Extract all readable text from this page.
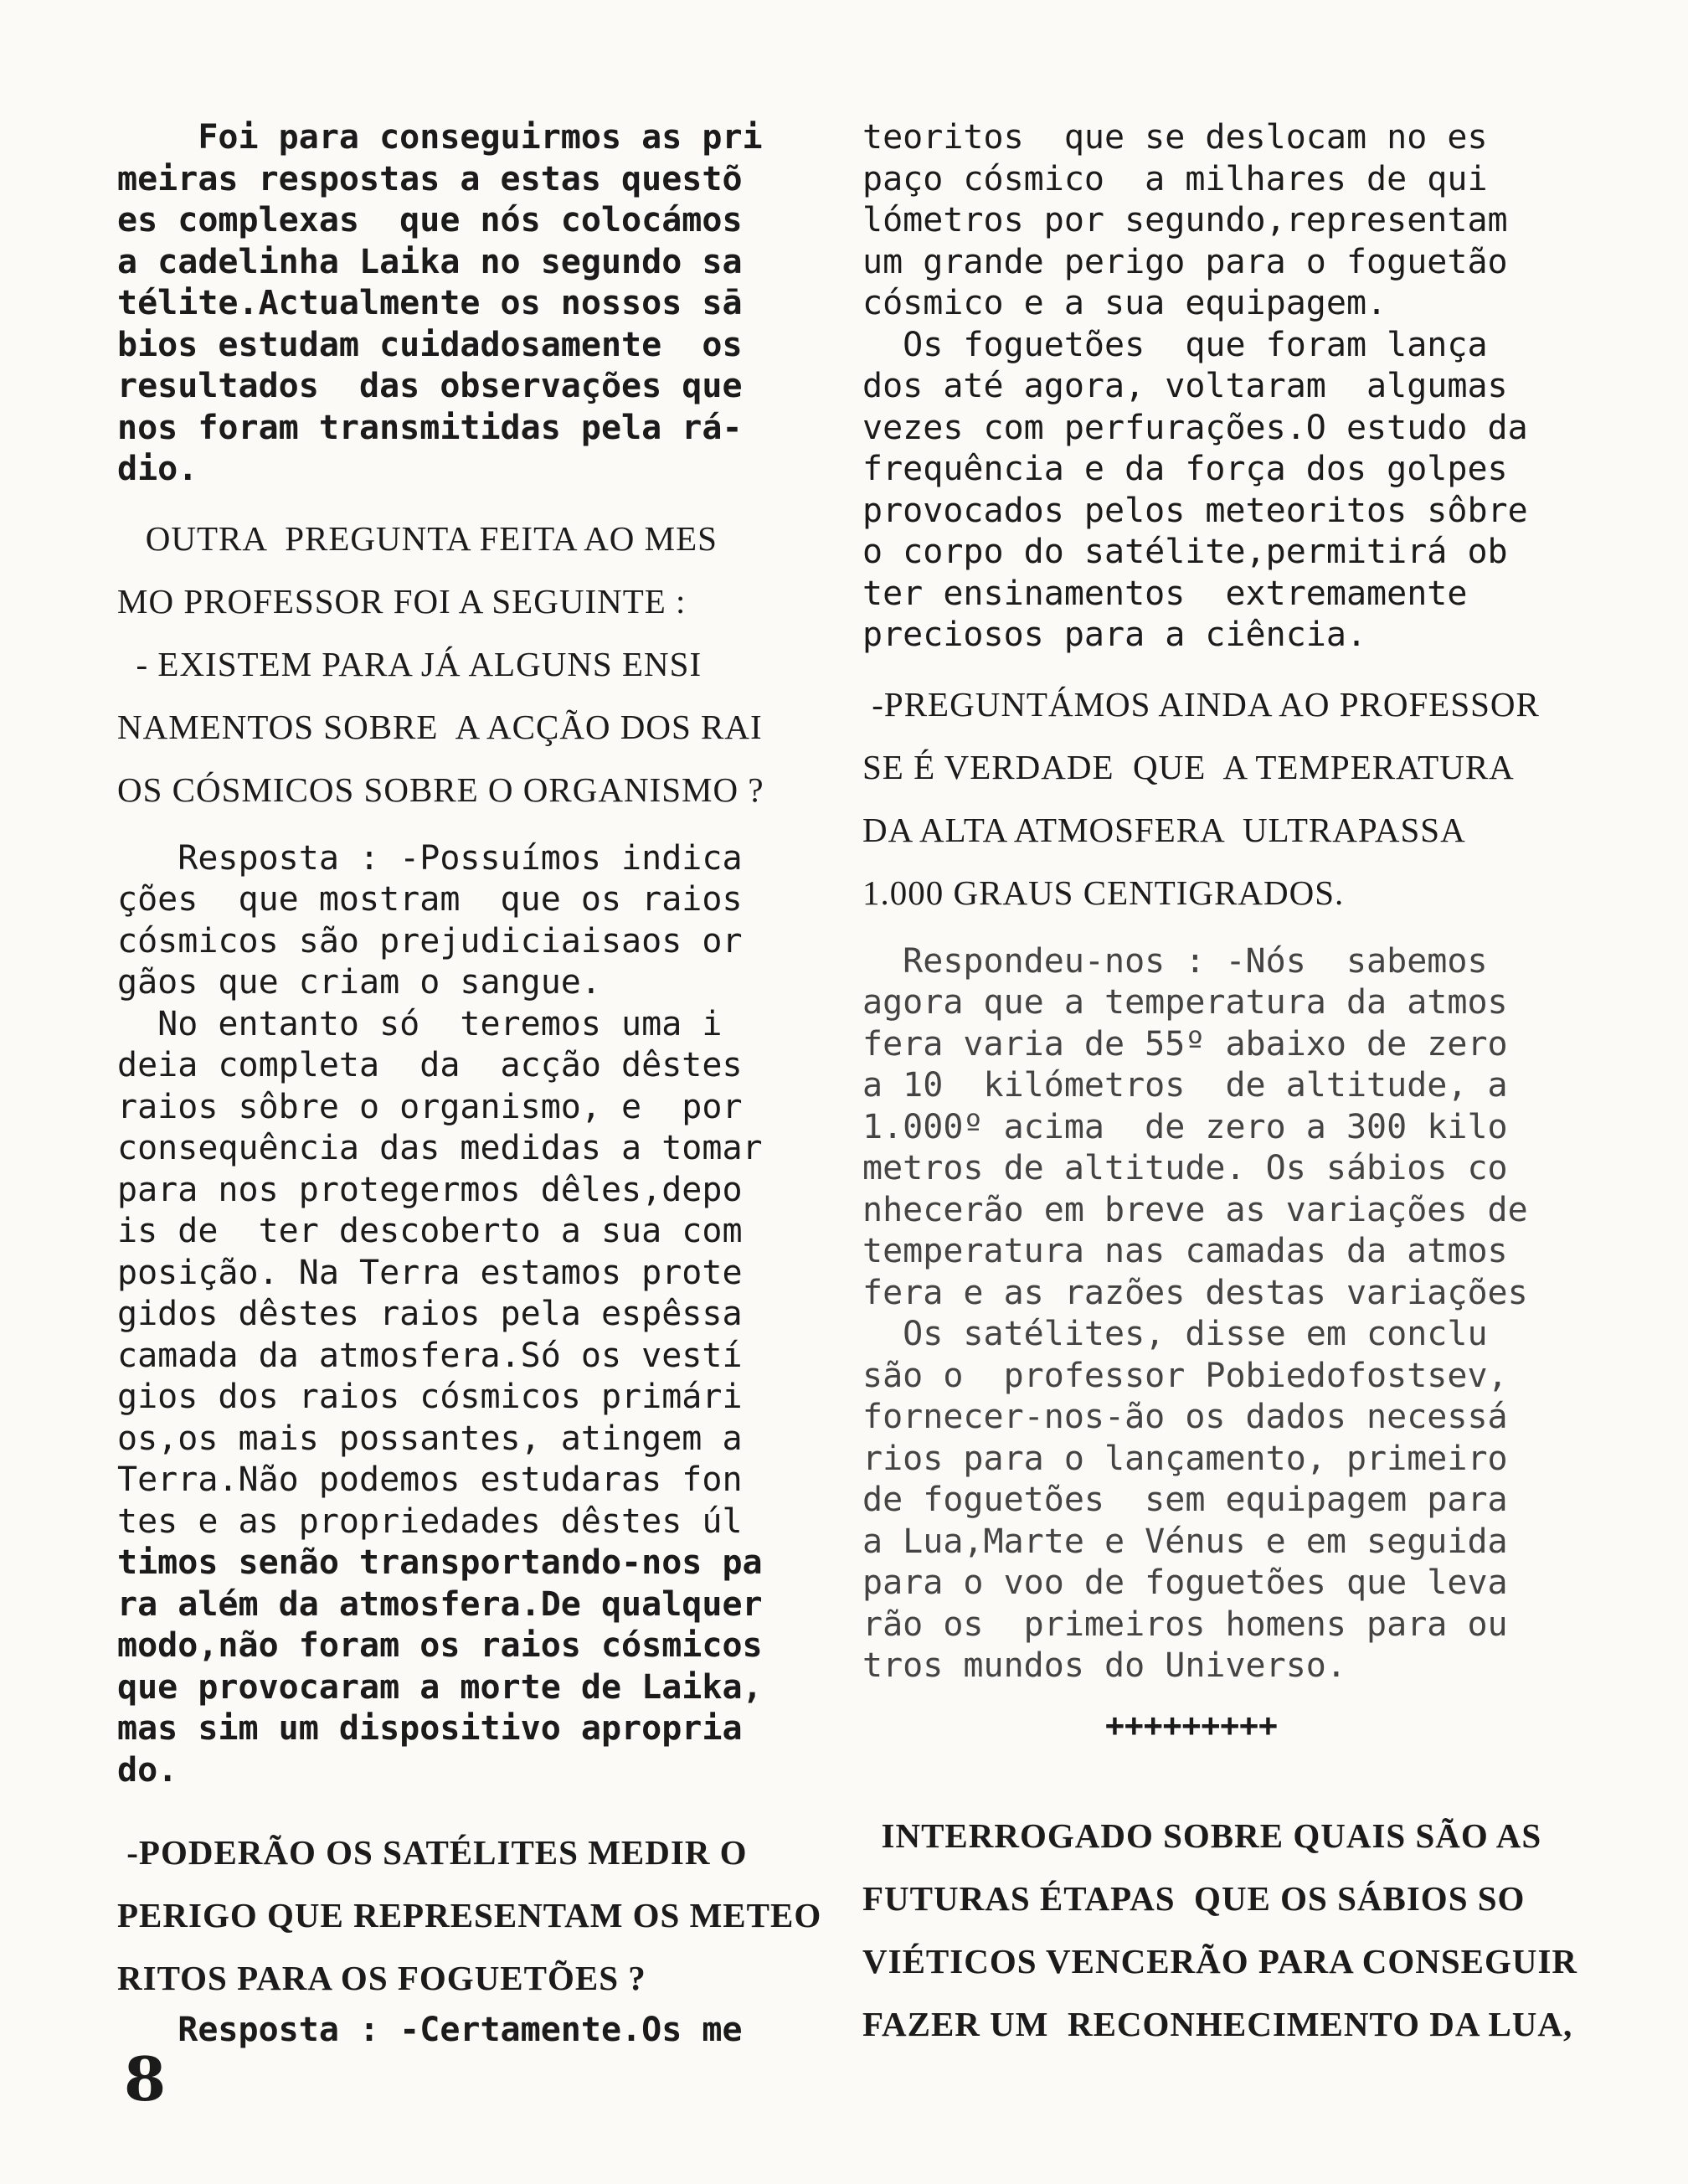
Foi para conseguirmos as pri
meiras respostas a estas questõ
es complexas  que nós colocámos
a cadelinha Laika no segundo sa
télite.Actualmente os nossos sā
bios estudam cuidadosamente  os
resultados  das observações que
nos foram transmitidas pela rá-
dio.
OUTRA  PREGUNTA FEITA AO MES
MO PROFESSOR FOI A SEGUINTE :
- EXISTEM PARA JÁ ALGUNS ENSI
NAMENTOS SOBRE  A ACÇÃO DOS RAI
OS CÓSMICOS SOBRE O ORGANISMO ?
Resposta : -Possuímos indica
ções  que mostram  que os raios
cósmicos são prejudiciaisaos or
gãos que criam o sangue.
No entanto só  teremos uma i
deia completa  da  acção dêstes
raios sôbre o organismo, e  por
consequência das medidas a tomar
para nos protegermos dêles,depo
is de  ter descoberto a sua com
posição. Na Terra estamos prote
gidos dêstes raios pela espêssa
camada da atmosfera.Só os vestí
gios dos raios cósmicos primári
os,os mais possantes, atingem a
Terra.Não podemos estudaras fon
tes e as propriedades dêstes úl
timos senão transportando-nos pa
ra além da atmosfera.De qualquer
modo,não foram os raios cósmicos
que provocaram a morte de Laika,
mas sim um dispositivo apropria
do.
-PODERÃO OS SATÉLITES MEDIR O
PERIGO QUE REPRESENTAM OS METEO
RITOS PARA OS FOGUETÕES ?
Resposta : -Certamente.Os me
teoritos  que se deslocam no es
paço cósmico  a milhares de qui
lómetros por segundo,representam
um grande perigo para o foguetão
cósmico e a sua equipagem.
Os foguetões  que foram lança
dos até agora, voltaram  algumas
vezes com perfurações.O estudo da
frequência e da força dos golpes
provocados pelos meteoritos sôbre
o corpo do satélite,permitirá ob
ter ensinamentos  extremamente
preciosos para a ciência.
-PREGUNTÁMOS AINDA AO PROFESSOR
SE É VERDADE  QUE  A TEMPERATURA
DA ALTA ATMOSFERA  ULTRAPASSA
1.000 GRAUS CENTIGRADOS.
Respondeu-nos : -Nós  sabemos
agora que a temperatura da atmos
fera varia de 55º abaixo de zero
a 10  kilómetros  de altitude, a
1.000º acima  de zero a 300 kilo
metros de altitude. Os sábios co
nhecerão em breve as variações de
temperatura nas camadas da atmos
fera e as razões destas variações
Os satélites, disse em conclu
são o  professor Pobiedofostsev,
fornecer-nos-ão os dados necessá
rios para o lançamento, primeiro
de foguetões  sem equipagem para
a Lua,Marte e Vénus e em seguida
para o voo de foguetões que leva
rão os  primeiros homens para ou
tros mundos do Universo.
+++++++++
INTERROGADO SOBRE QUAIS SÃO AS
FUTURAS ÉTAPAS  QUE OS SÁBIOS SO
VIÉTICOS VENCERÃO PARA CONSEGUIR
FAZER UM  RECONHECIMENTO DA LUA,
8
